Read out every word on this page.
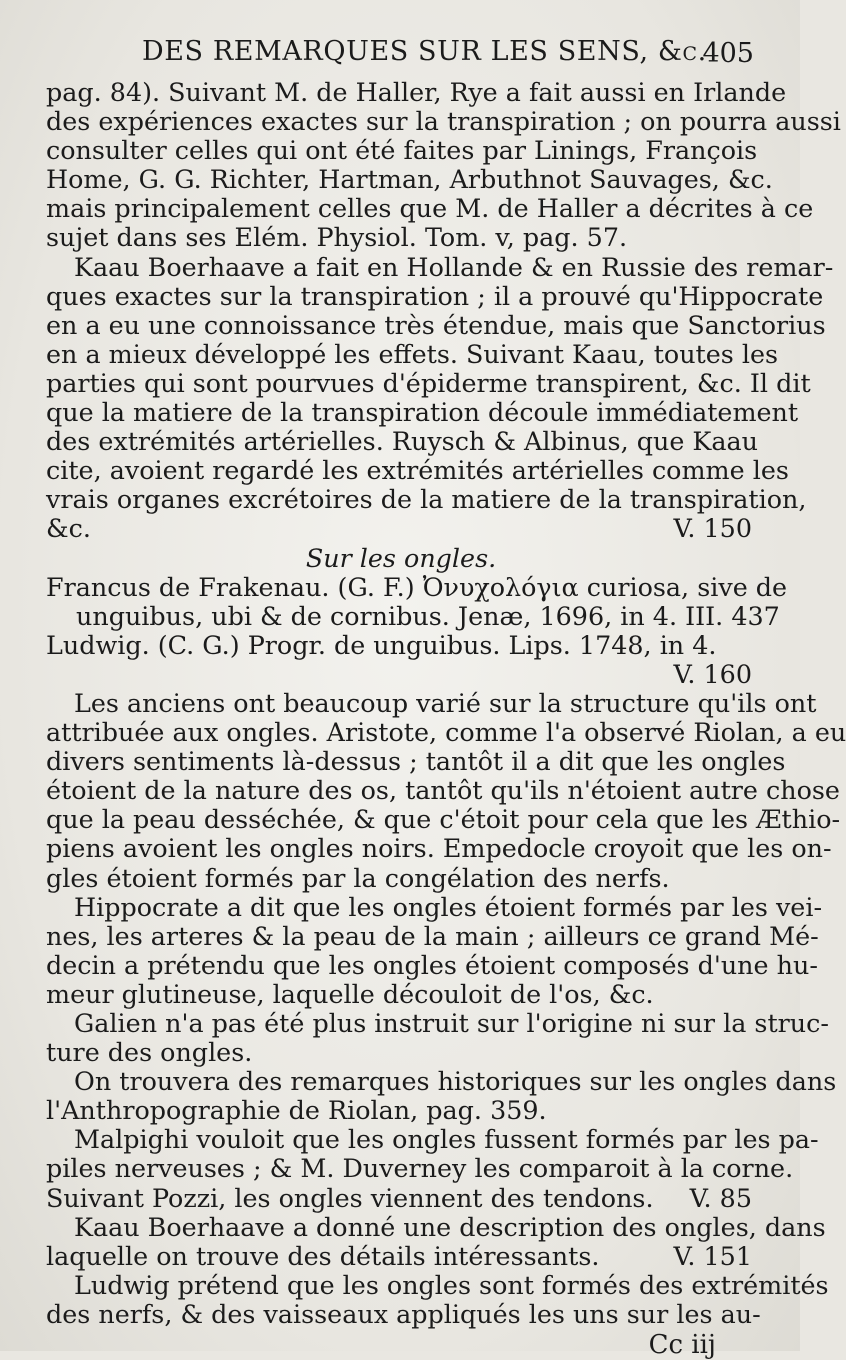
DES REMARQUES SUR LES SENS, &c.
405
pag. 84). Suivant M. de Haller, Rye a fait aussi en Irlande
des expériences exactes sur la transpiration ; on pourra aussi
consulter celles qui ont été faites par Linings, François
Home, G. G. Richter, Hartman, Arbuthnot Sauvages, &c.
mais principalement celles que M. de Haller a décrites à ce
sujet dans ses Elém. Physiol. Tom. v, pag. 57.
Kaau Boerhaave a fait en Hollande & en Russie des remar-
ques exactes sur la transpiration ; il a prouvé qu'Hippocrate
en a eu une connoissance très étendue, mais que Sanctorius
en a mieux développé les effets. Suivant Kaau, toutes les
parties qui sont pourvues d'épiderme transpirent, &c. Il dit
que la matiere de la transpiration découle immédiatement
des extrémités artérielles. Ruysch & Albinus, que Kaau
cite, avoient regardé les extrémités artérielles comme les
vrais organes excrétoires de la matiere de la transpiration,
&c.	V. 150
Sur les ongles.
Francus de Frakenau. (G. F.) Ὀνυχολόγια curiosa, sive de
unguibus, ubi & de cornibus. Jenæ, 1696, in 4. III. 437
Ludwig. (C. G.) Progr. de unguibus. Lips. 1748, in 4.
V. 160
Les anciens ont beaucoup varié sur la structure qu'ils ont
attribuée aux ongles. Aristote, comme l'a observé Riolan, a eu
divers sentiments là-dessus ; tantôt il a dit que les ongles
étoient de la nature des os, tantôt qu'ils n'étoient autre chose
que la peau desséchée, & que c'étoit pour cela que les Æthio-
piens avoient les ongles noirs. Empedocle croyoit que les on-
gles étoient formés par la congélation des nerfs.
Hippocrate a dit que les ongles étoient formés par les vei-
nes, les arteres & la peau de la main ; ailleurs ce grand Mé-
decin a prétendu que les ongles étoient composés d'une hu-
meur glutineuse, laquelle découloit de l'os, &c.
Galien n'a pas été plus instruit sur l'origine ni sur la struc-
ture des ongles.
On trouvera des remarques historiques sur les ongles dans
l'Anthropographie de Riolan, pag. 359.
Malpighi vouloit que les ongles fussent formés par les pa-
piles nerveuses ; & M. Duverney les comparoit à la corne.
Suivant Pozzi, les ongles viennent des tendons. V. 85
Kaau Boerhaave a donné une description des ongles, dans
laquelle on trouve des détails intéressants.	V. 151
Ludwig prétend que les ongles sont formés des extrémités
des nerfs, & des vaisseaux appliqués les uns sur les au-
Cc iij
